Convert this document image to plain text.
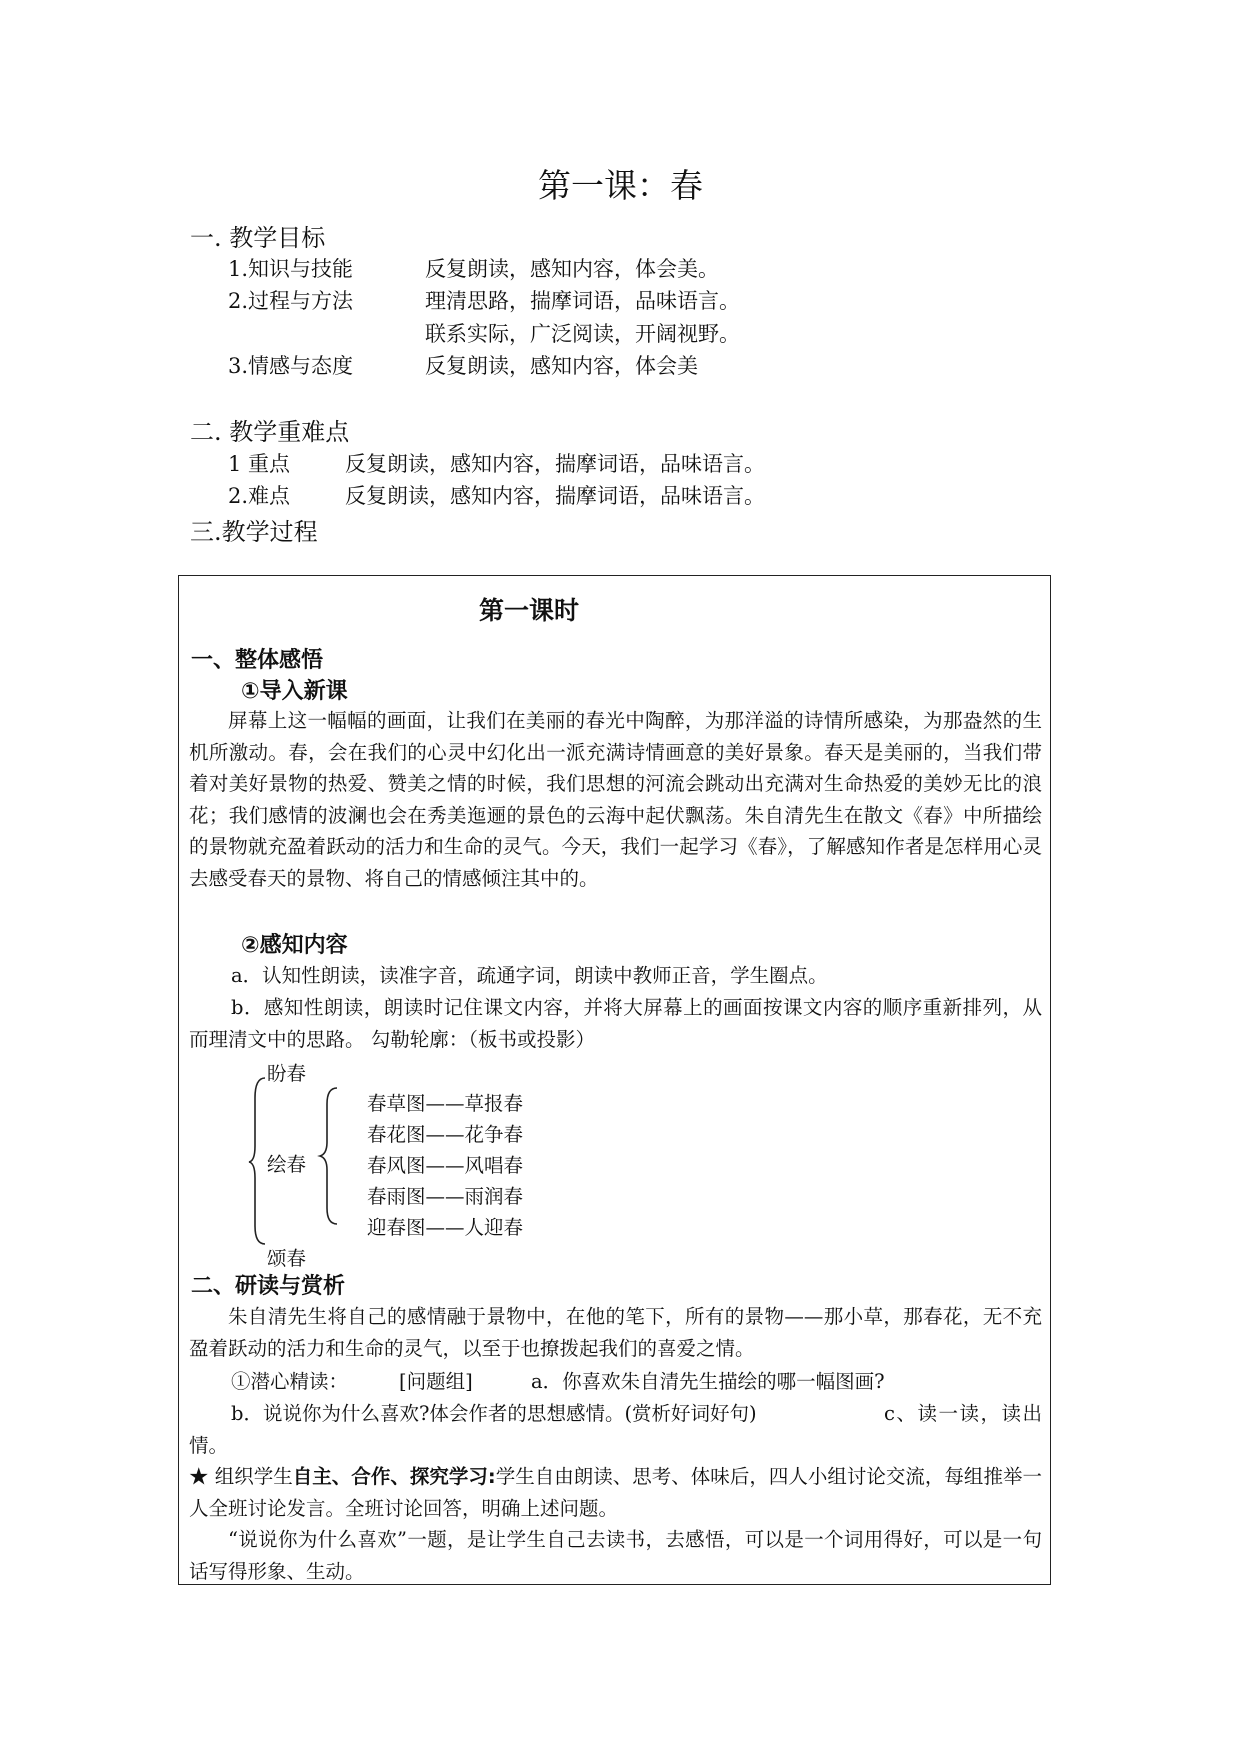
第一课：春
一. 教学目标
1.知识与技能	反复朗读，感知内容，体会美。
2.过程与方法	理清思路，揣摩词语，品味语言。
联系实际，广泛阅读，开阔视野。
3.情感与态度	反复朗读，感知内容，体会美
二. 教学重难点
1 重点	反复朗读，感知内容，揣摩词语，品味语言。
2.难点	反复朗读，感知内容，揣摩词语，品味语言。
三.教学过程
第一课时
一、整体感悟
①导入新课
屏幕上这一幅幅的画面，让我们在美丽的春光中陶醉，为那洋溢的诗情所感染，为那盎然的生机所激动。春，会在我们的心灵中幻化出一派充满诗情画意的美好景象。春天是美丽的，当我们带着对美好景物的热爱、赞美之情的时候，我们思想的河流会跳动出充满对生命热爱的美妙无比的浪花；我们感情的波澜也会在秀美迤逦的景色的云海中起伏飘荡。朱自清先生在散文《春》中所描绘的景物就充盈着跃动的活力和生命的灵气。今天，我们一起学习《春》，了解感知作者是怎样用心灵去感受春天的景物、将自己的情感倾注其中的。
②感知内容
a．认知性朗读，读准字音，疏通字词，朗读中教师正音，学生圈点。
b．感知性朗读，朗读时记住课文内容，并将大屏幕上的画面按课文内容的顺序重新排列，从而理清文中的思路。 勾勒轮廓：（板书或投影）
盼春
绘春
颂春
春草图——草报春
春花图——花争春
春风图——风唱春
春雨图——雨润春
迎春图——人迎春
二、研读与赏析
朱自清先生将自己的感情融于景物中，在他的笔下，所有的景物——那小草，那春花，无不充盈着跃动的活力和生命的灵气，以至于也撩拨起我们的喜爱之情。
①潜心精读：	[问题组]	a．你喜欢朱自清先生描绘的哪一幅图画?
b．说说你为什么喜欢?体会作者的思想感情。(赏析好词好句)	c、读一读，读出情。
★ 组织学生自主、合作、探究学习:学生自由朗读、思考、体味后，四人小组讨论交流，每组推举一人全班讨论发言。全班讨论回答，明确上述问题。
“说说你为什么喜欢”一题，是让学生自己去读书，去感悟，可以是一个词用得好，可以是一句话写得形象、生动。
